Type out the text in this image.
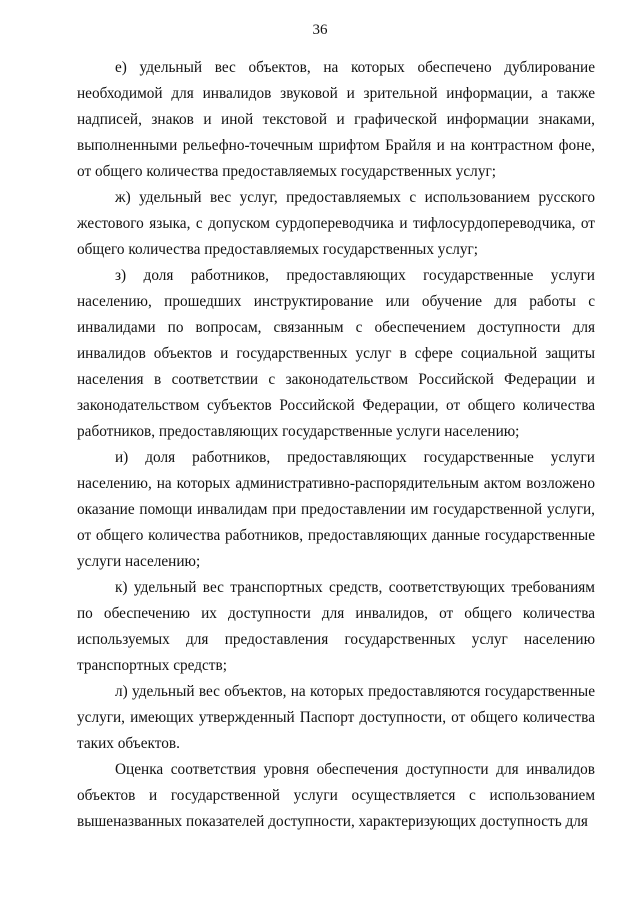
36

е) удельный вес объектов, на которых обеспечено дублирование необходимой для инвалидов звуковой и зрительной информации, а также надписей, знаков и иной текстовой и графической информации знаками, выполненными рельефно-точечным шрифтом Брайля и на контрастном фоне, от общего количества предоставляемых государственных услуг;

ж) удельный вес услуг, предоставляемых с использованием русского жестового языка, с допуском сурдопереводчика и тифлосурдопереводчика, от общего количества предоставляемых государственных услуг;

з) доля работников, предоставляющих государственные услуги населению, прошедших инструктирование или обучение для работы с инвалидами по вопросам, связанным с обеспечением доступности для инвалидов объектов и государственных услуг в сфере социальной защиты населения в соответствии с законодательством Российской Федерации и законодательством субъектов Российской Федерации, от общего количества работников, предоставляющих государственные услуги населению;

и) доля работников, предоставляющих государственные услуги населению, на которых административно-распорядительным актом возложено оказание помощи инвалидам при предоставлении им государственной услуги, от общего количества работников, предоставляющих данные государственные услуги населению;

к) удельный вес транспортных средств, соответствующих требованиям по обеспечению их доступности для инвалидов, от общего количества используемых для предоставления государственных услуг населению транспортных средств;

л) удельный вес объектов, на которых предоставляются государственные услуги, имеющих утвержденный Паспорт доступности, от общего количества таких объектов.

Оценка соответствия уровня обеспечения доступности для инвалидов объектов и государственной услуги осуществляется с использованием вышеназванных показателей доступности, характеризующих доступность для
